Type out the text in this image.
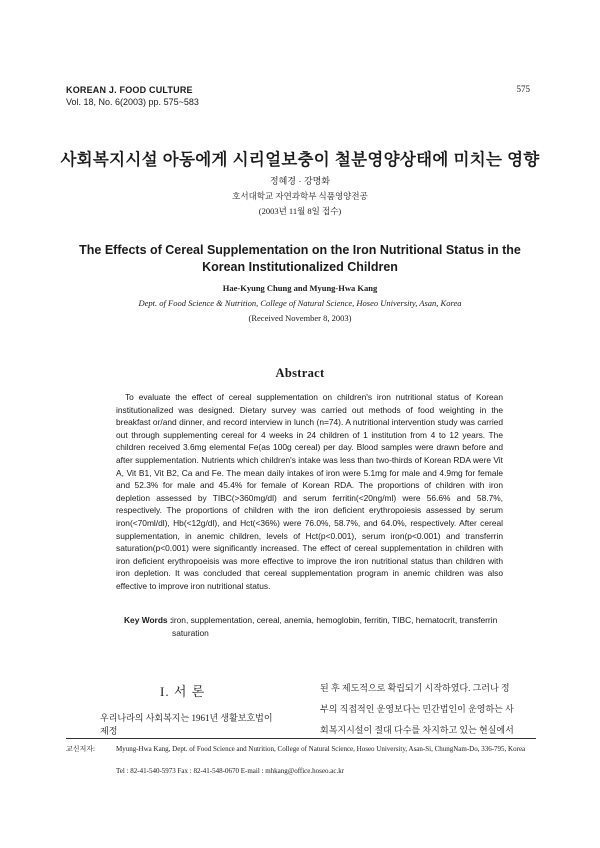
KOREAN J. FOOD CULTURE
Vol. 18, No. 6(2003) pp. 575~583
575
사회복지시설 아동에게 시리얼보충이 철분영양상태에 미치는 영향
정혜경 · 강명화
호서대학교 자연과학부 식품영양전공
(2003년 11월 8일 접수)
The Effects of Cereal Supplementation on the Iron Nutritional Status in the Korean Institutionalized Children
Hae-Kyung Chung and Myung-Hwa Kang
Dept. of Food Science & Nutrition, College of Natural Science, Hoseo University, Asan, Korea
(Received November 8, 2003)
Abstract

To evaluate the effect of cereal supplementation on children's iron nutritional status of Korean institutionalized was designed. Dietary survey was carried out methods of food weighting in the breakfast or/and dinner, and record interview in lunch (n=74). A nutritional intervention study was carried out through supplementing cereal for 4 weeks in 24 children of 1 institution from 4 to 12 years. The children received 3.6mg elemental Fe(as 100g cereal) per day. Blood samples were drawn before and after supplementation. Nutrients which children's intake was less than two-thirds of Korean RDA were Vit A, Vit B1, Vit B2, Ca and Fe. The mean daily intakes of iron were 5.1mg for male and 4.9mg for female and 52.3% for male and 45.4% for female of Korean RDA. The proportions of children with iron depletion assessed by TIBC(>360mg/dl) and serum ferritin(<20ng/ml) were 56.6% and 58.7%, respectively. The proportions of children with the iron deficient erythropoiesis assessed by serum iron(<70ml/dl), Hb(<12g/dl), and Hct(<36%) were 76.0%, 58.7%, and 64.0%, respectively. After cereal supplementation, in anemic children, levels of Hct(p<0.001), serum iron(p<0.001) and transferrin saturation(p<0.001) were significantly increased. The effect of cereal supplementation in children with iron deficient erythropoeisis was more effective to improve the iron nutritional status than children with iron depletion. It was concluded that cereal supplementation program in anemic children was also effective to improve iron nutritional status.

Key Words : iron, supplementation, cereal, anemia, hemoglobin, ferritin, TIBC, hematocrit, transferrin saturation
I. 서 론
우리나라의 사회복지는 1961년 생활보호법이 제정

된 후 제도적으로 확립되기 시작하였다. 그러나 정

부의 직접적인 운영보다는 민간법인이 운영하는 사

회복지시설이 절대 다수를 차지하고 있는 현실에서

교신저자:	Myung-Hwa Kang, Dept. of Food Science and Nutrition, College of Natural Science, Hoseo University, Asan-Si, ChungNam-Do, 336-795, Korea
Tel : 82-41-540-5973 Fax : 82-41-548-0670 E-mail : mhkang@office.hoseo.ac.kr
